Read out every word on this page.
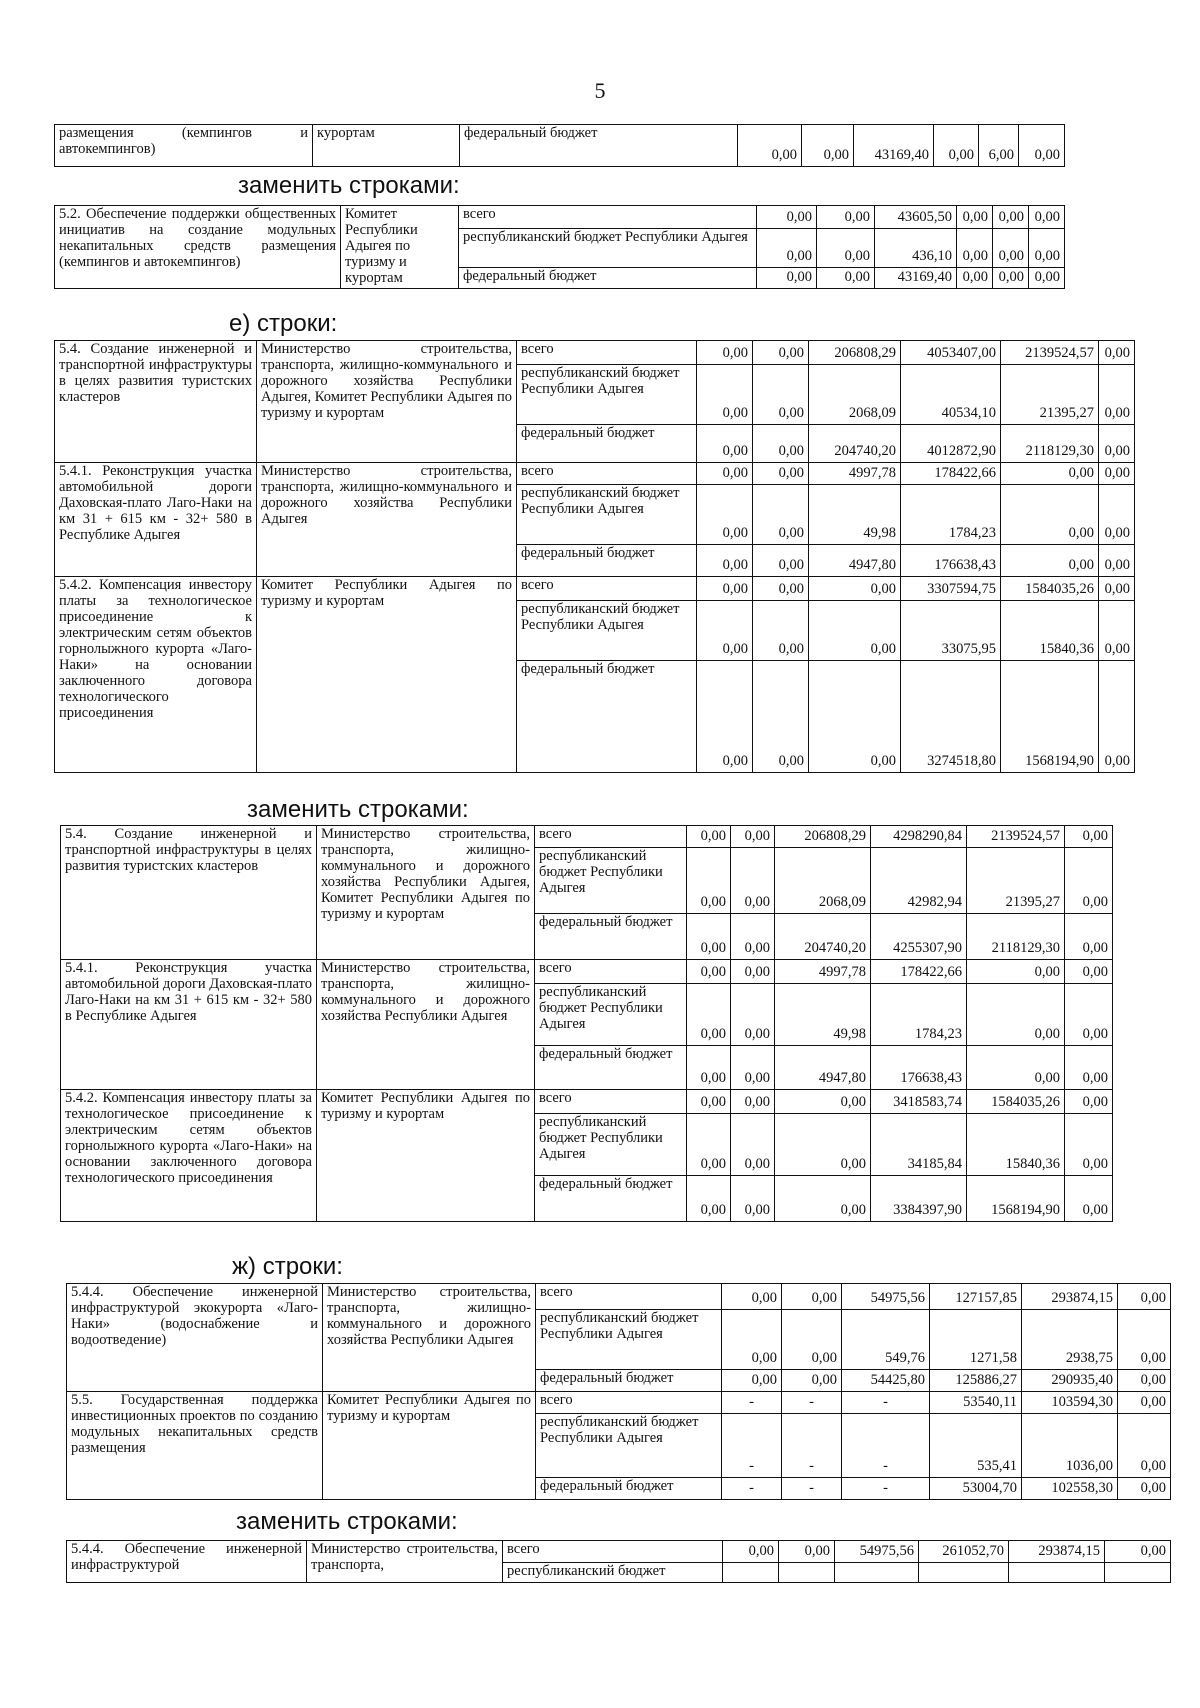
5
размещения (кемпингов и автокемпингов)	курортам	федеральный бюджет	0,00	0,00	43169,40	0,00	6,00	0,00
заменить строками:
5.2. Обеспечение поддержки общественных инициатив на создание модульных некапитальных средств размещения (кемпингов и автокемпингов)	Комитет Республики Адыгея по туризму и курортам	всего	0,00	0,00	43605,50	0,00	0,00	0,00
		республиканский бюджет Республики Адыгея	0,00	0,00	436,10	0,00	0,00	0,00
		федеральный бюджет	0,00	0,00	43169,40	0,00	0,00	0,00
е) строки:
5.4. Создание инженерной и транспортной инфраструктуры в целях развития туристских кластеров	Министерство строительства, транспорта, жилищно-коммунального и дорожного хозяйства Республики Адыгея, Комитет Республики Адыгея по туризму и курортам	всего	0,00	0,00	206808,29	4053407,00	2139524,57	0,00
		республиканский бюджет Республики Адыгея	0,00	0,00	2068,09	40534,10	21395,27	0,00
		федеральный бюджет	0,00	0,00	204740,20	4012872,90	2118129,30	0,00
5.4.1. Реконструкция участка автомобильной дороги Даховская-плато Лаго-Наки на км 31 + 615 км - 32+ 580 в Республике Адыгея	Министерство строительства, транспорта, жилищно-коммунального и дорожного хозяйства Республики Адыгея	всего	0,00	0,00	4997,78	178422,66	0,00	0,00
		республиканский бюджет Республики Адыгея	0,00	0,00	49,98	1784,23	0,00	0,00
		федеральный бюджет	0,00	0,00	4947,80	176638,43	0,00	0,00
5.4.2. Компенсация инвестору платы за технологическое присоединение к электрическим сетям объектов горнолыжного курорта «Лаго-Наки» на основании заключенного договора технологического присоединения	Комитет Республики Адыгея по туризму и курортам	всего	0,00	0,00	0,00	3307594,75	1584035,26	0,00
		республиканский бюджет Республики Адыгея	0,00	0,00	0,00	33075,95	15840,36	0,00
		федеральный бюджет	0,00	0,00	0,00	3274518,80	1568194,90	0,00
заменить строками:
5.4. Создание инженерной и транспортной инфраструктуры в целях развития туристских кластеров	Министерство строительства, транспорта, жилищно-коммунального и дорожного хозяйства Республики Адыгея, Комитет Республики Адыгея по туризму и курортам	всего	0,00	0,00	206808,29	4298290,84	2139524,57	0,00
		республиканский бюджет Республики Адыгея	0,00	0,00	2068,09	42982,94	21395,27	0,00
		федеральный бюджет	0,00	0,00	204740,20	4255307,90	2118129,30	0,00
5.4.1. Реконструкция участка автомобильной дороги Даховская-плато Лаго-Наки на км 31 + 615 км - 32+ 580 в Республике Адыгея	Министерство строительства, транспорта, жилищно-коммунального и дорожного хозяйства Республики Адыгея	всего	0,00	0,00	4997,78	178422,66	0,00	0,00
		республиканский бюджет Республики Адыгея	0,00	0,00	49,98	1784,23	0,00	0,00
		федеральный бюджет	0,00	0,00	4947,80	176638,43	0,00	0,00
5.4.2. Компенсация инвестору платы за технологическое присоединение к электрическим сетям объектов горнолыжного курорта «Лаго-Наки» на основании заключенного договора технологического присоединения	Комитет Республики Адыгея по туризму и курортам	всего	0,00	0,00	0,00	3418583,74	1584035,26	0,00
		республиканский бюджет Республики Адыгея	0,00	0,00	0,00	34185,84	15840,36	0,00
		федеральный бюджет	0,00	0,00	0,00	3384397,90	1568194,90	0,00
ж) строки:
5.4.4. Обеспечение инженерной инфраструктурой экокурорта «Лаго-Наки» (водоснабжение и водоотведение)	Министерство строительства, транспорта, жилищно-коммунального и дорожного хозяйства Республики Адыгея	всего	0,00	0,00	54975,56	127157,85	293874,15	0,00
		республиканский бюджет Республики Адыгея	0,00	0,00	549,76	1271,58	2938,75	0,00
		федеральный бюджет	0,00	0,00	54425,80	125886,27	290935,40	0,00
5.5. Государственная поддержка инвестиционных проектов по созданию модульных некапитальных средств размещения	Комитет Республики Адыгея по туризму и курортам	всего	-	-	-	53540,11	103594,30	0,00
		республиканский бюджет Республики Адыгея	-	-	-	535,41	1036,00	0,00
		федеральный бюджет	-	-	-	53004,70	102558,30	0,00
заменить строками:
5.4.4. Обеспечение инженерной инфраструктурой	Министерство строительства, транспорта,	всего	0,00	0,00	54975,56	261052,70	293874,15	0,00
		республиканский бюджет						
